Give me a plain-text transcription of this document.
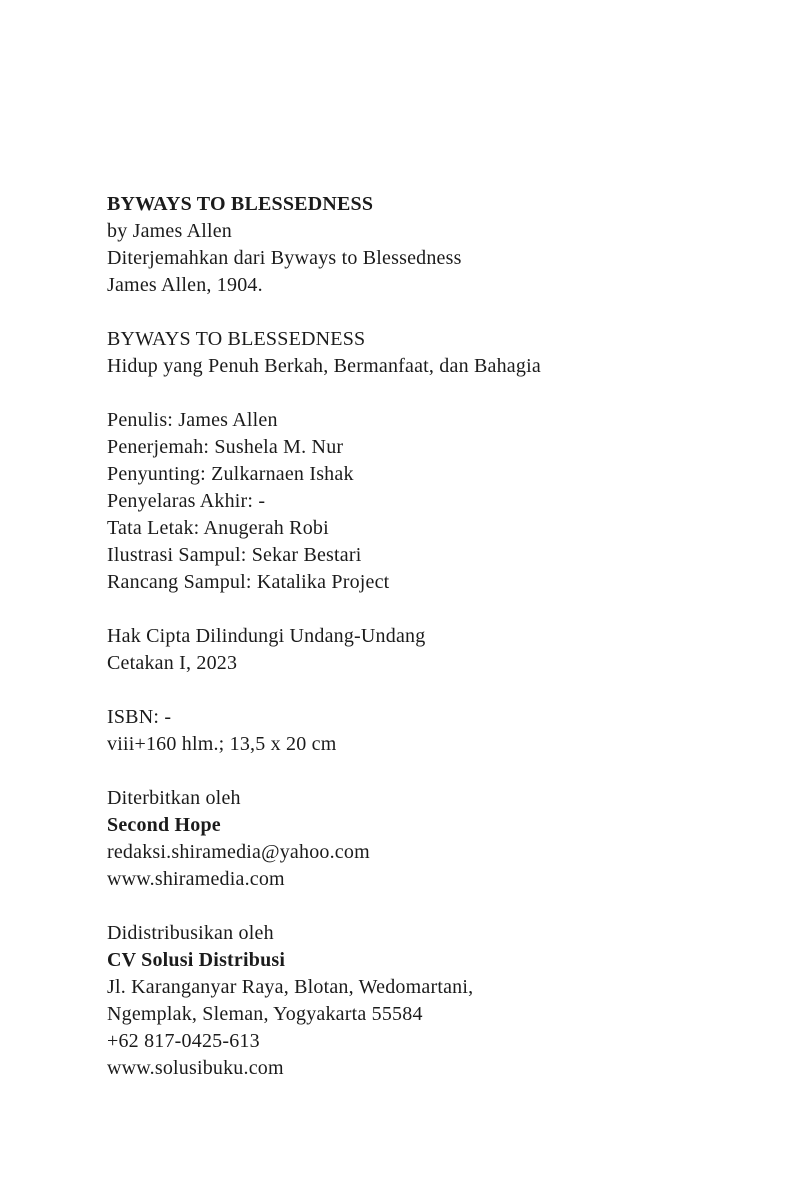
BYWAYS TO BLESSEDNESS

by James Allen

Diterjemahkan dari Byways to Blessedness

James Allen, 1904.

BYWAYS TO BLESSEDNESS

Hidup yang Penuh Berkah, Bermanfaat, dan Bahagia

Penulis: James Allen

Penerjemah: Sushela M. Nur

Penyunting: Zulkarnaen Ishak

Penyelaras Akhir: -

Tata Letak: Anugerah Robi

Ilustrasi Sampul: Sekar Bestari

Rancang Sampul: Katalika Project

Hak Cipta Dilindungi Undang-Undang

Cetakan I, 2023

ISBN: -

viii+160 hlm.; 13,5 x 20 cm

Diterbitkan oleh

Second Hope

redaksi.shiramedia@yahoo.com

www.shiramedia.com

Didistribusikan oleh

CV Solusi Distribusi

Jl. Karanganyar Raya, Blotan, Wedomartani,

Ngemplak, Sleman, Yogyakarta 55584

+62 817-0425-613

www.solusibuku.com
